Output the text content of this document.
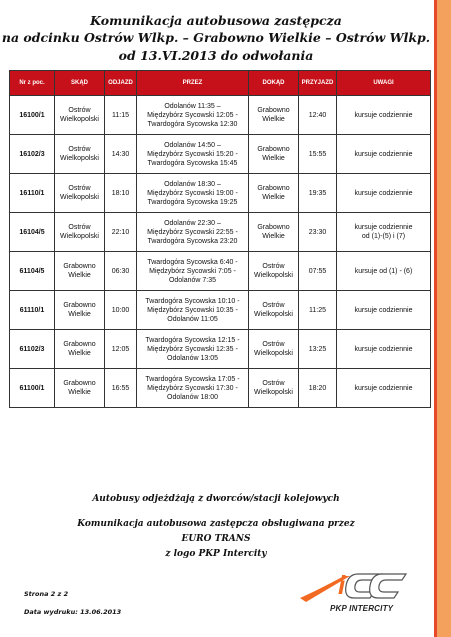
Komunikacja autobusowa zastępcza
na odcinku Ostrów Wlkp. – Grabowno Wielkie – Ostrów Wlkp.
od 13.VI.2013 do odwołania
Nr z poc.	SKĄD	ODJAZD	PRZEZ	DOKĄD	PRZYJAZD	UWAGI
16100/1	Ostrów
Wielkopolski	11:15	Odolanów 11:35 –
Międzybórz Sycowski 12:05 -
Twardogóra Sycowska 12:30	Grabowno
Wielkie	12:40	kursuje codziennie
16102/3	Ostrów
Wielkopolski	14:30	Odolanów 14:50 –
Międzybórz Sycowski 15:20 -
Twardogóra Sycowska 15:45	Grabowno
Wielkie	15:55	kursuje codziennie
16110/1	Ostrów
Wielkopolski	18:10	Odolanów 18:30 –
Międzybórz Sycowski 19:00 -
Twardogóra Sycowska 19:25	Grabowno
Wielkie	19:35	kursuje codziennie
16104/5	Ostrów
Wielkopolski	22:10	Odolanów 22:30 –
Międzybórz Sycowski 22:55 -
Twardogóra Sycowska 23:20	Grabowno
Wielkie	23:30	kursuje codziennie
od (1)-(5) i (7)
61104/5	Grabowno
Wielkie	06:30	Twardogóra Sycowska 6:40 -
Międzybórz Sycowski 7:05 -
Odolanów 7:35	Ostrów
Wielkopolski	07:55	kursuje od (1) - (6)
61110/1	Grabowno
Wielkie	10:00	Twardogóra Sycowska 10:10 -
Międzybórz Sycowski 10:35 -
Odolanów 11:05	Ostrów
Wielkopolski	11:25	kursuje codziennie
61102/3	Grabowno
Wielkie	12:05	Twardogóra Sycowska 12:15 -
Międzybórz Sycowski 12:35 -
Odolanów 13:05	Ostrów
Wielkopolski	13:25	kursuje codziennie
61100/1	Grabowno
Wielkie	16:55	Twardogóra Sycowska 17:05 -
Międzybórz Sycowski 17:30 -
Odolanów 18:00	Ostrów
Wielkopolski	18:20	kursuje codziennie
Autobusy odjeżdżają z dworców/stacji kolejowych
Komunikacja autobusowa zastępcza obsługiwana przez
EURO TRANS
z logo PKP Intercity
Strona 2 z 2
Data wydruku: 13.06.2013
i
PKP INTERCITY
